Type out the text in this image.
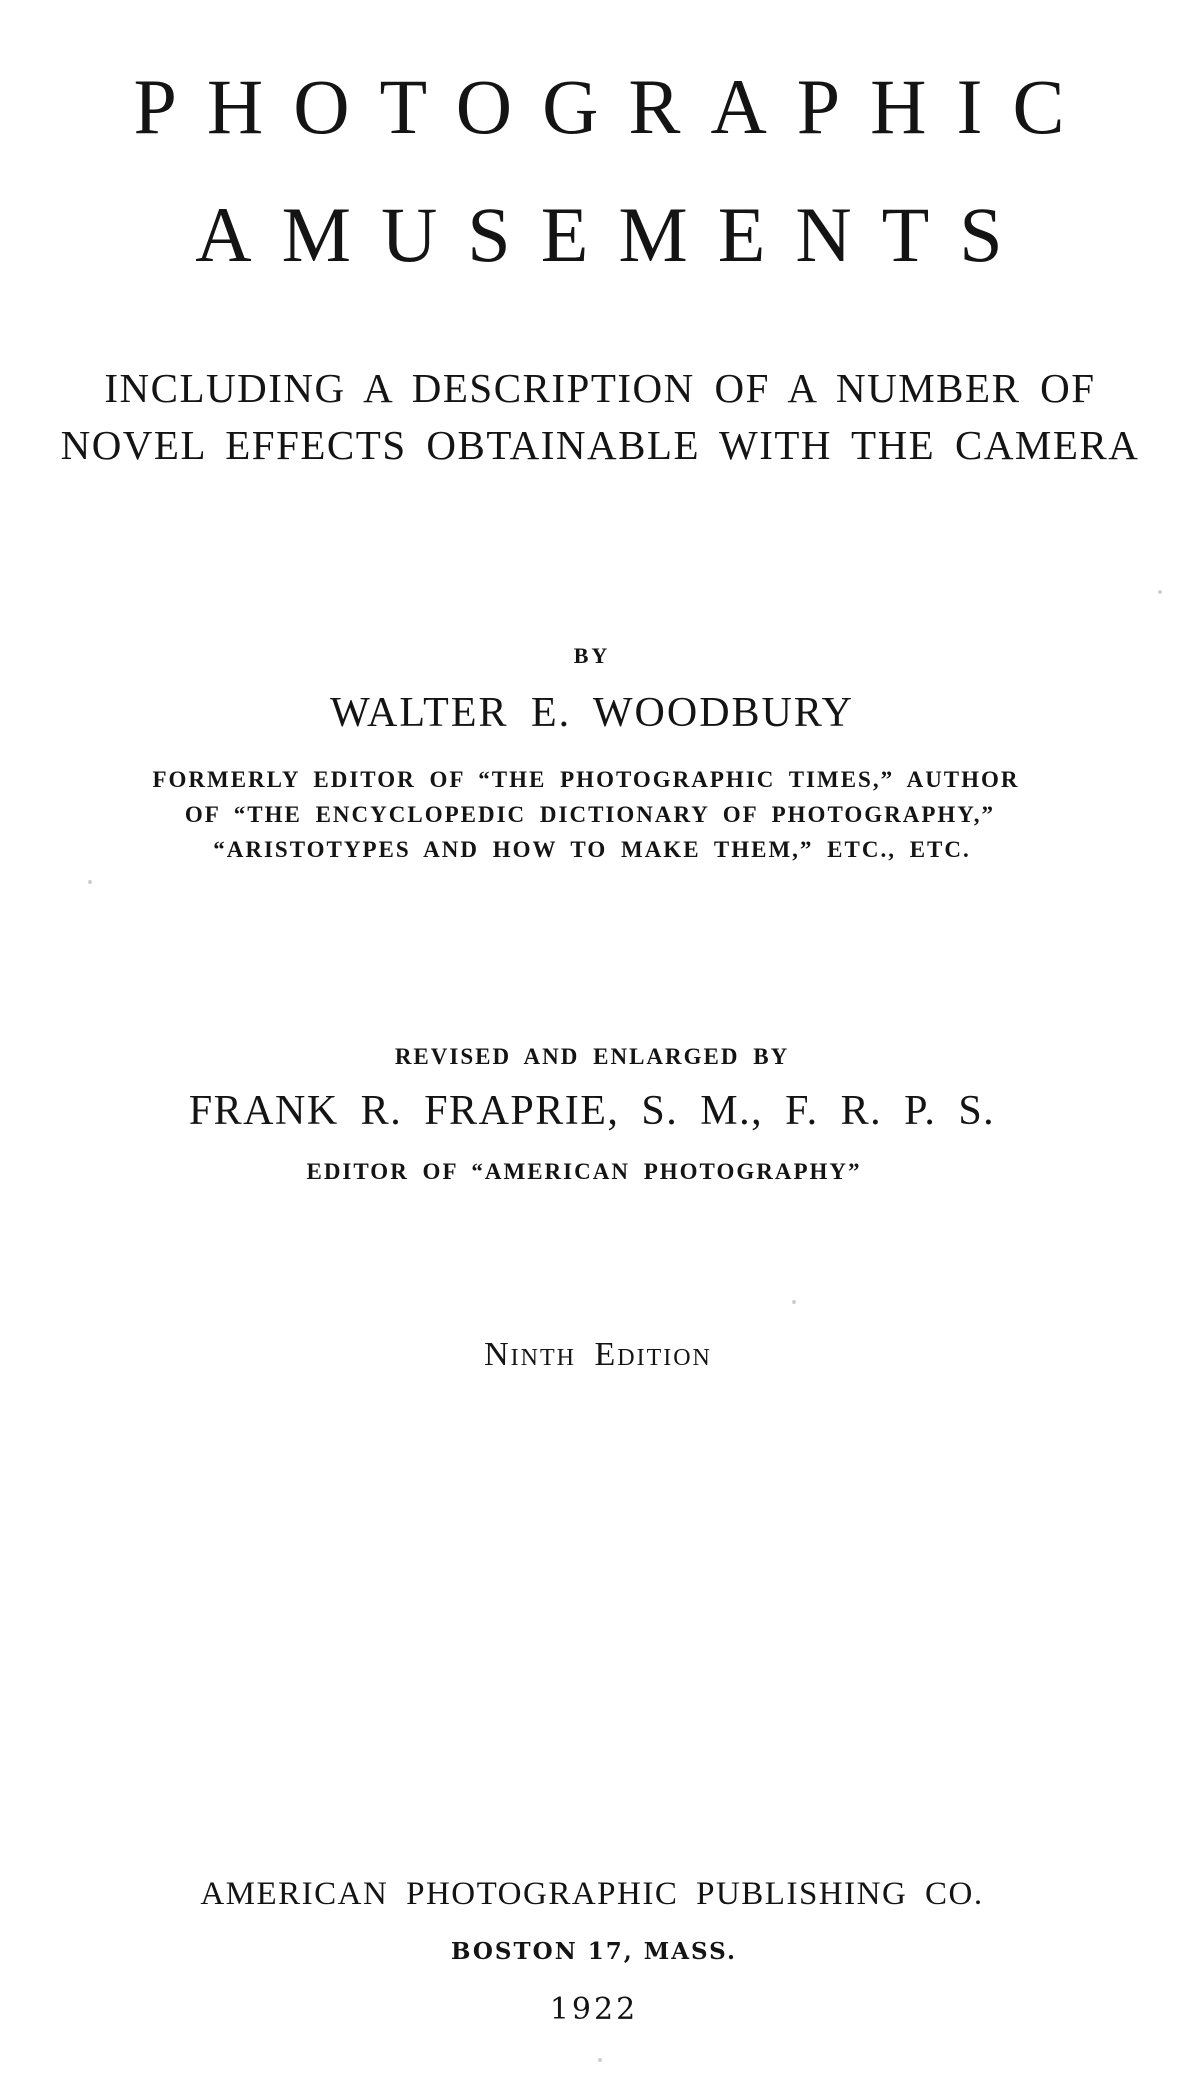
PHOTOGRAPHIC
AMUSEMENTS
INCLUDING A DESCRIPTION OF A NUMBER OF
NOVEL EFFECTS OBTAINABLE WITH THE CAMERA
BY
WALTER E. WOODBURY
FORMERLY EDITOR OF “THE PHOTOGRAPHIC TIMES,” AUTHOR
OF “THE ENCYCLOPEDIC DICTIONARY OF PHOTOGRAPHY,”
“ARISTOTYPES AND HOW TO MAKE THEM,” ETC., ETC.
REVISED AND ENLARGED BY
FRANK R. FRAPRIE, S. M., F. R. P. S.
EDITOR OF “AMERICAN PHOTOGRAPHY”
Ninth Edition
AMERICAN PHOTOGRAPHIC PUBLISHING CO.
BOSTON 17, MASS.
1922
